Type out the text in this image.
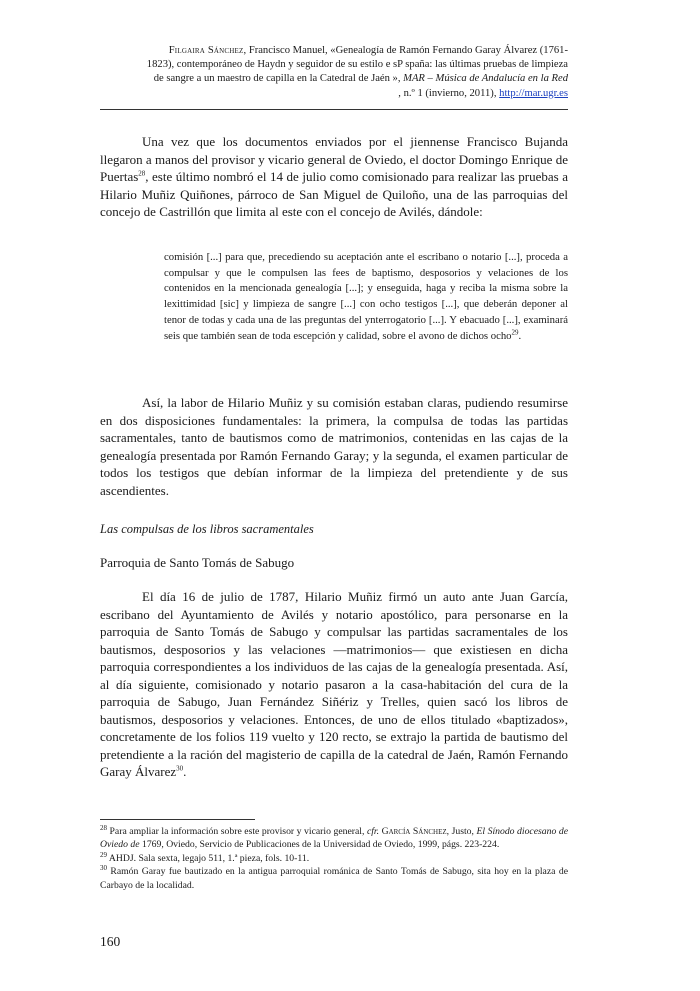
Filgaira Sánchez, Francisco Manuel, «Genealogía de Ramón Fernando Garay Álvarez (1761-
1823), contemporáneo de Haydn y seguidor de su estilo e sP spaña: las últimas pruebas de limpieza
de sangre a un maestro de capilla en la Catedral de Jaén », MAR – Música de Andalucía en la Red
, n.º 1 (invierno, 2011), http://mar.ugr.es
Una vez que los documentos enviados por el jiennense Francisco Bujanda llegaron a manos del provisor y vicario general de Oviedo, el doctor Domingo Enrique de Puertas$^{28}$, este último nombró el 14 de julio como comisionado para realizar las pruebas a Hilario Muñiz Quiñones, párroco de San Miguel de Quiloño, una de las parroquias del concejo de Castrillón que limita al este con el concejo de Avilés, dándole:
comisión [...] para que, precediendo su aceptación ante el escribano o notario [...], proceda a compulsar y que le compulsen las fees de baptismo, desposorios y velaciones de los contenidos en la mencionada genealogía [...]; y enseguida, haga y reciba la misma sobre la lexittimidad [sic] y limpieza de sangre [...] con ocho testigos [...], que deberán deponer al tenor de todas y cada una de las preguntas del ynterrogatorio [...]. Y ebacuado [...], examinará seis que también sean de toda escepción y calidad, sobre el avono de dichos ocho$^{29}$.
Así, la labor de Hilario Muñiz y su comisión estaban claras, pudiendo resumirse en dos disposiciones fundamentales: la primera, la compulsa de todas las partidas sacramentales, tanto de bautismos como de matrimonios, contenidas en las cajas de la genealogía presentada por Ramón Fernando Garay; y la segunda, el examen particular de todos los testigos que debían informar de la limpieza del pretendiente y de sus ascendientes.
Las compulsas de los libros sacramentales
Parroquia de Santo Tomás de Sabugo
El día 16 de julio de 1787, Hilario Muñiz firmó un auto ante Juan García, escribano del Ayuntamiento de Avilés y notario apostólico, para personarse en la parroquia de Santo Tomás de Sabugo y compulsar las partidas sacramentales de los bautismos, desposorios y las velaciones —matrimonios— que existiesen en dicha parroquia correspondientes a los individuos de las cajas de la genealogía presentada. Así, al día siguiente, comisionado y notario pasaron a la casa-habitación del cura de la parroquia de Sabugo, Juan Fernández Siñériz y Trelles, quien sacó los libros de bautismos, desposorios y velaciones. Entonces, de uno de ellos titulado «baptizados», concretamente de los folios 119 vuelto y 120 recto, se extrajo la partida de bautismo del pretendiente a la ración del magisterio de capilla de la catedral de Jaén, Ramón Fernando Garay Álvarez$^{30}$.

$^{28}$ Para ampliar la información sobre este provisor y vicario general, cfr. García Sánchez, Justo, El Sínodo diocesano de Oviedo de 1769, Oviedo, Servicio de Publicaciones de la Universidad de Oviedo, 1999, págs. 223-224.

$^{29}$ AHDJ. Sala sexta, legajo 511, 1.ª pieza, fols. 10-11.

$^{30}$ Ramón Garay fue bautizado en la antigua parroquial románica de Santo Tomás de Sabugo, sita hoy en la plaza de Carbayo de la localidad.

160
